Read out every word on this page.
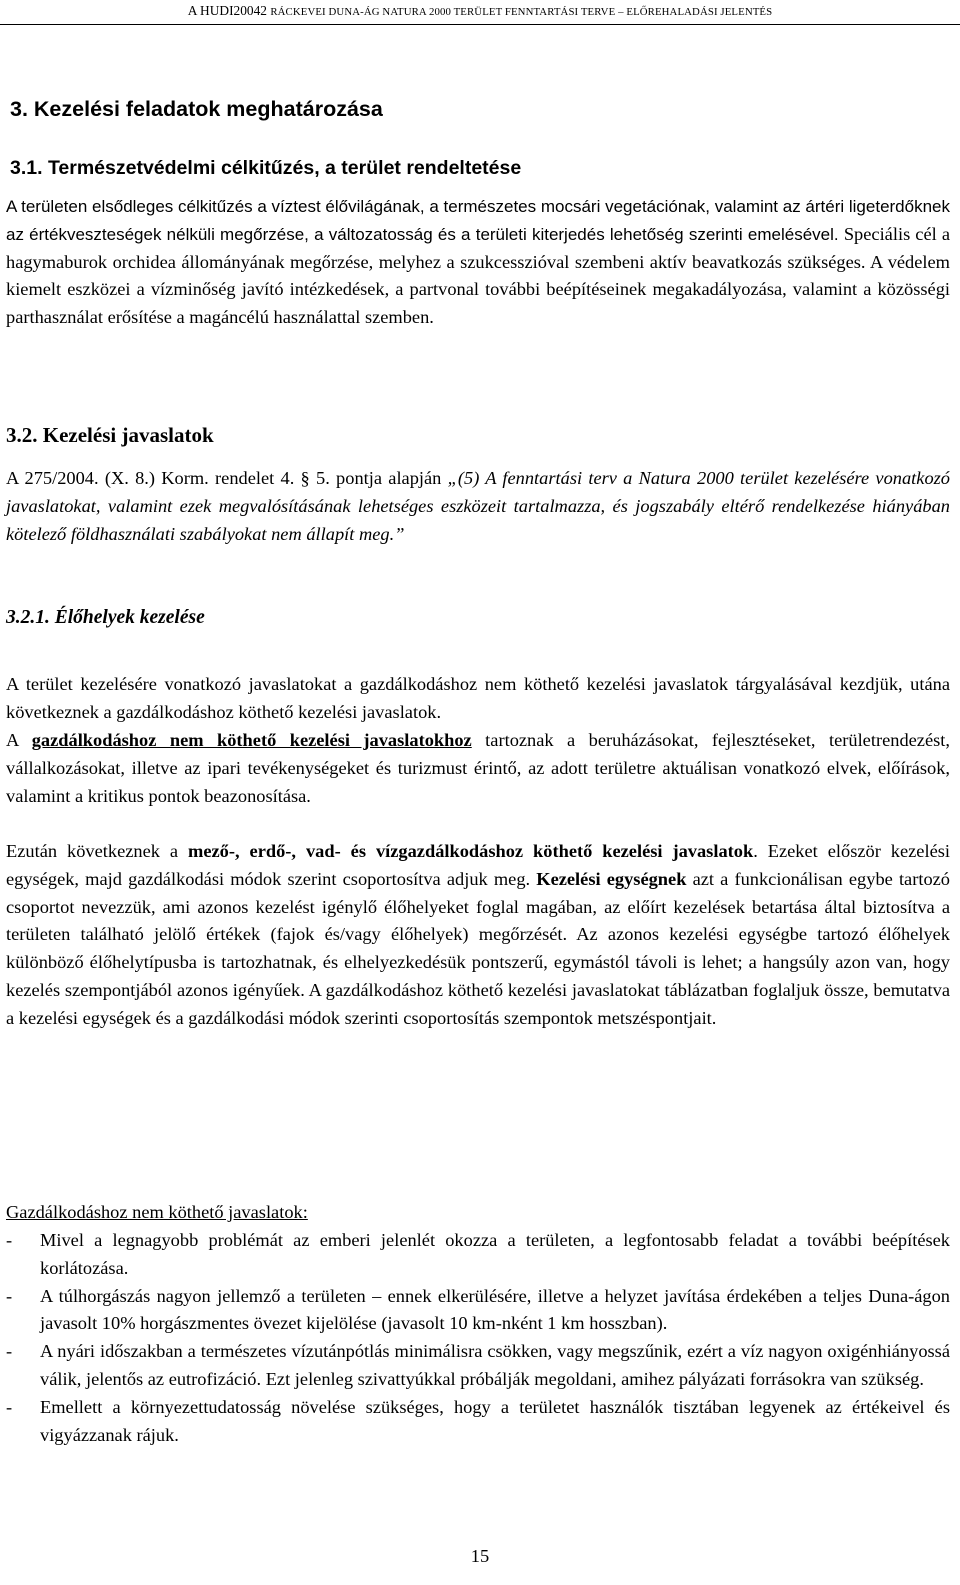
A HUDI20042 RÁCKEVEI DUNA-ÁG NATURA 2000 TERÜLET FENNTARTÁSI TERVE – ELŐREHALADÁSI JELENTÉS
3. Kezelési feladatok meghatározása
3.1. Természetvédelmi célkitűzés, a terület rendeltetése

A területen elsődleges célkitűzés a víztest élővilágának, a természetes mocsári vegetációnak, valamint az ártéri ligeterdőknek az értékveszteségek nélküli megőrzése, a változatosság és a területi kiterjedés lehetőség szerinti emelésével. Speciális cél a hagymaburok orchidea állományának megőrzése, melyhez a szukcesszióval szembeni aktív beavatkozás szükséges. A védelem kiemelt eszközei a vízminőség javító intézkedések, a partvonal további beépítéseinek megakadályozása, valamint a közösségi parthasználat erősítése a magáncélú használattal szemben.

3.2. Kezelési javaslatok

A 275/2004. (X. 8.) Korm. rendelet 4. § 5. pontja alapján „(5) A fenntartási terv a Natura 2000 terület kezelésére vonatkozó javaslatokat, valamint ezek megvalósításának lehetséges eszközeit tartalmazza, és jogszabály eltérő rendelkezése hiányában kötelező földhasználati szabályokat nem állapít meg.”

3.2.1. Élőhelyek kezelése

A terület kezelésére vonatkozó javaslatokat a gazdálkodáshoz nem köthető kezelési javaslatok tárgyalásával kezdjük, utána következnek a gazdálkodáshoz köthető kezelési javaslatok.

A gazdálkodáshoz nem köthető kezelési javaslatokhoz tartoznak a beruházásokat, fejlesztéseket, területrendezést, vállalkozásokat, illetve az ipari tevékenységeket és turizmust érintő, az adott területre aktuálisan vonatkozó elvek, előírások, valamint a kritikus pontok beazonosítása.

Ezután következnek a mező-, erdő-, vad- és vízgazdálkodáshoz köthető kezelési javaslatok. Ezeket először kezelési egységek, majd gazdálkodási módok szerint csoportosítva adjuk meg. Kezelési egységnek azt a funkcionálisan egybe tartozó csoportot nevezzük, ami azonos kezelést igénylő élőhelyeket foglal magában, az előírt kezelések betartása által biztosítva a területen található jelölő értékek (fajok és/vagy élőhelyek) megőrzését. Az azonos kezelési egységbe tartozó élőhelyek különböző élőhelytípusba is tartozhatnak, és elhelyezkedésük pontszerű, egymástól távoli is lehet; a hangsúly azon van, hogy kezelés szempontjából azonos igényűek. A gazdálkodáshoz köthető kezelési javaslatokat táblázatban foglaljuk össze, bemutatva a kezelési egységek és a gazdálkodási módok szerinti csoportosítás szempontok metszéspontjait.

Gazdálkodáshoz nem köthető javaslatok:
- Mivel a legnagyobb problémát az emberi jelenlét okozza a területen, a legfontosabb feladat a további beépítések korlátozása.
- A túlhorgászás nagyon jellemző a területen – ennek elkerülésére, illetve a helyzet javítása érdekében a teljes Duna-ágon javasolt 10% horgászmentes övezet kijelölése (javasolt 10 km-nként 1 km hosszban).
- A nyári időszakban a természetes vízutánpótlás minimálisra csökken, vagy megszűnik, ezért a víz nagyon oxigénhiányossá válik, jelentős az eutrofizáció. Ezt jelenleg szivattyúkkal próbálják megoldani, amihez pályázati forrásokra van szükség.
- Emellett a környezettudatosság növelése szükséges, hogy a területet használók tisztában legyenek az értékeivel és vigyázzanak rájuk.
15
